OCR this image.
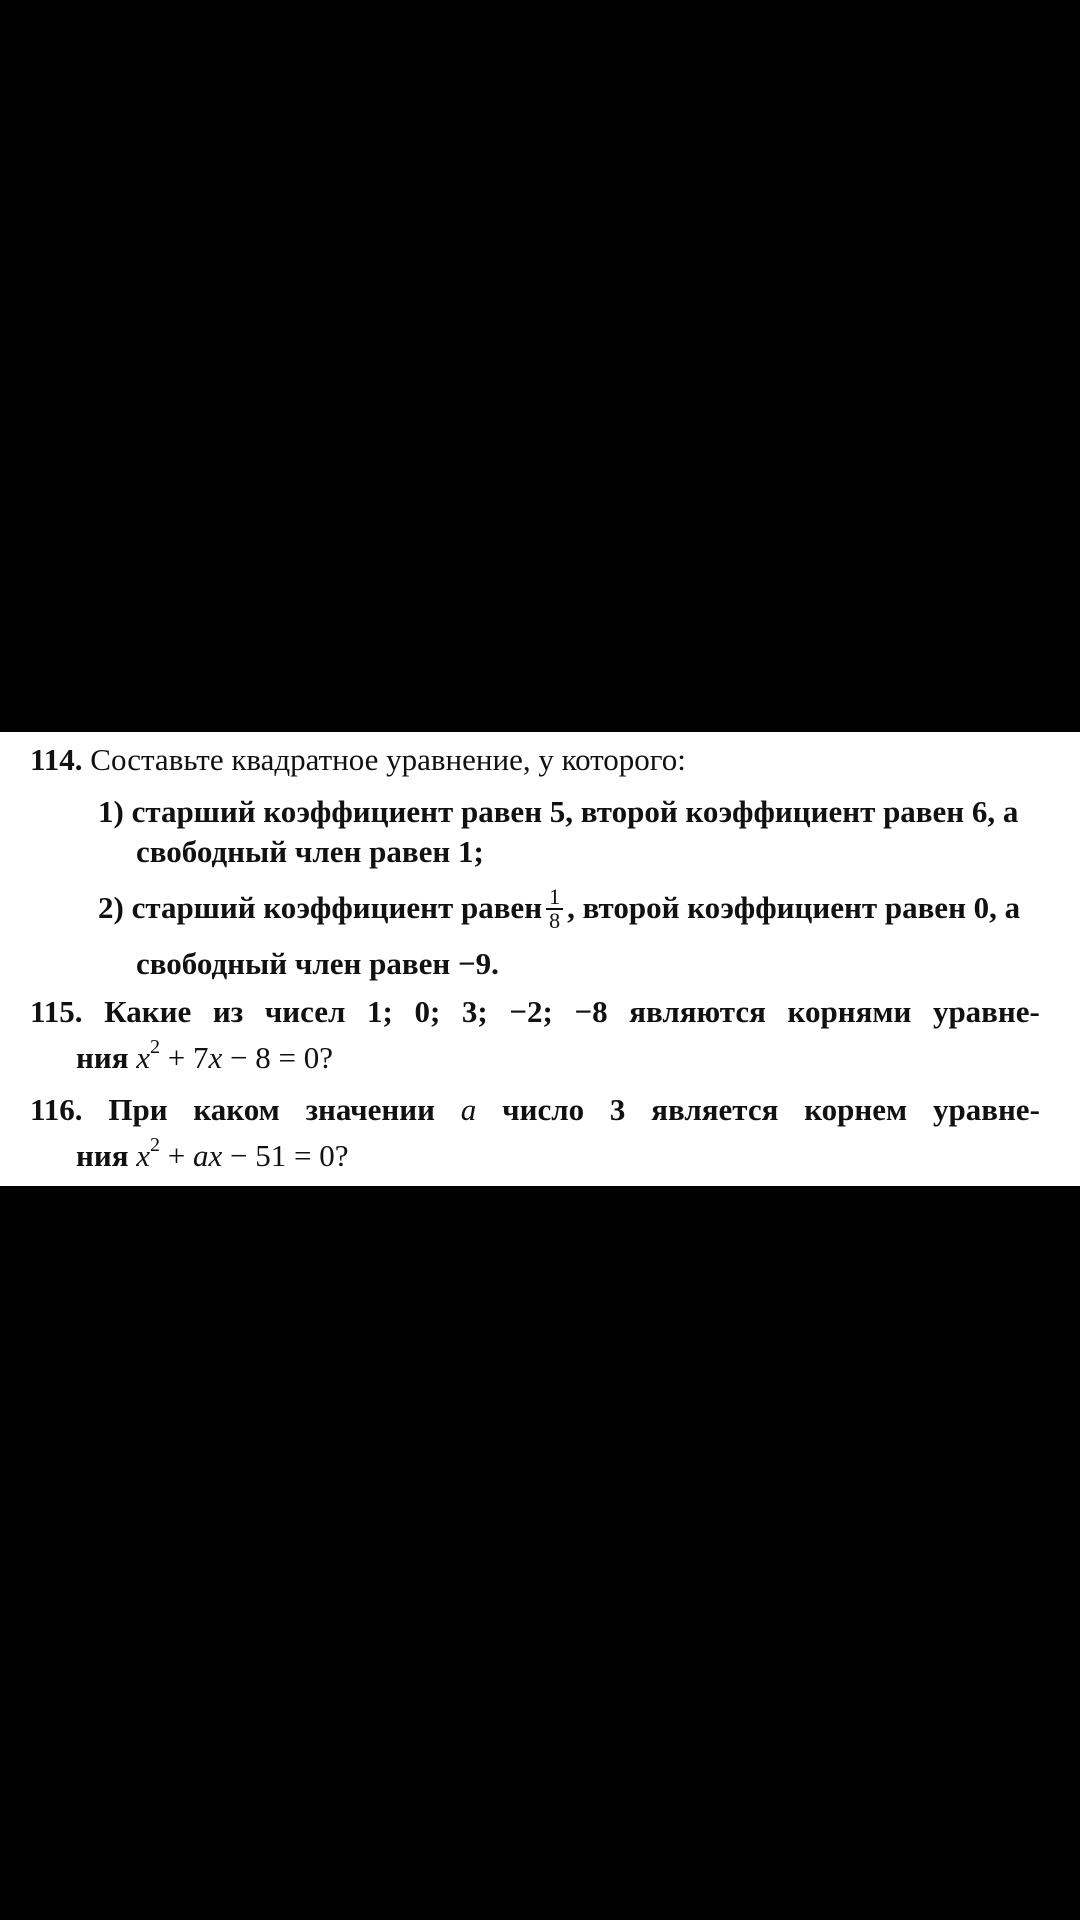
114. Составьте квадратное уравнение, у которого:
1) старший коэффициент равен 5, второй коэффициент равен 6, а
свободный член равен 1;
2) старший коэффициент равен $\frac{1}{8}$ , второй коэффициент равен 0, а
свободный член равен −9.
115. Какие из чисел 1; 0; 3; −2; −8 являются корнями уравне-
ния $x^2 + 7x - 8 = 0$?
116. При каком значении a число 3 является корнем уравне-
ния $x^2$ + ax − 51 = 0?
